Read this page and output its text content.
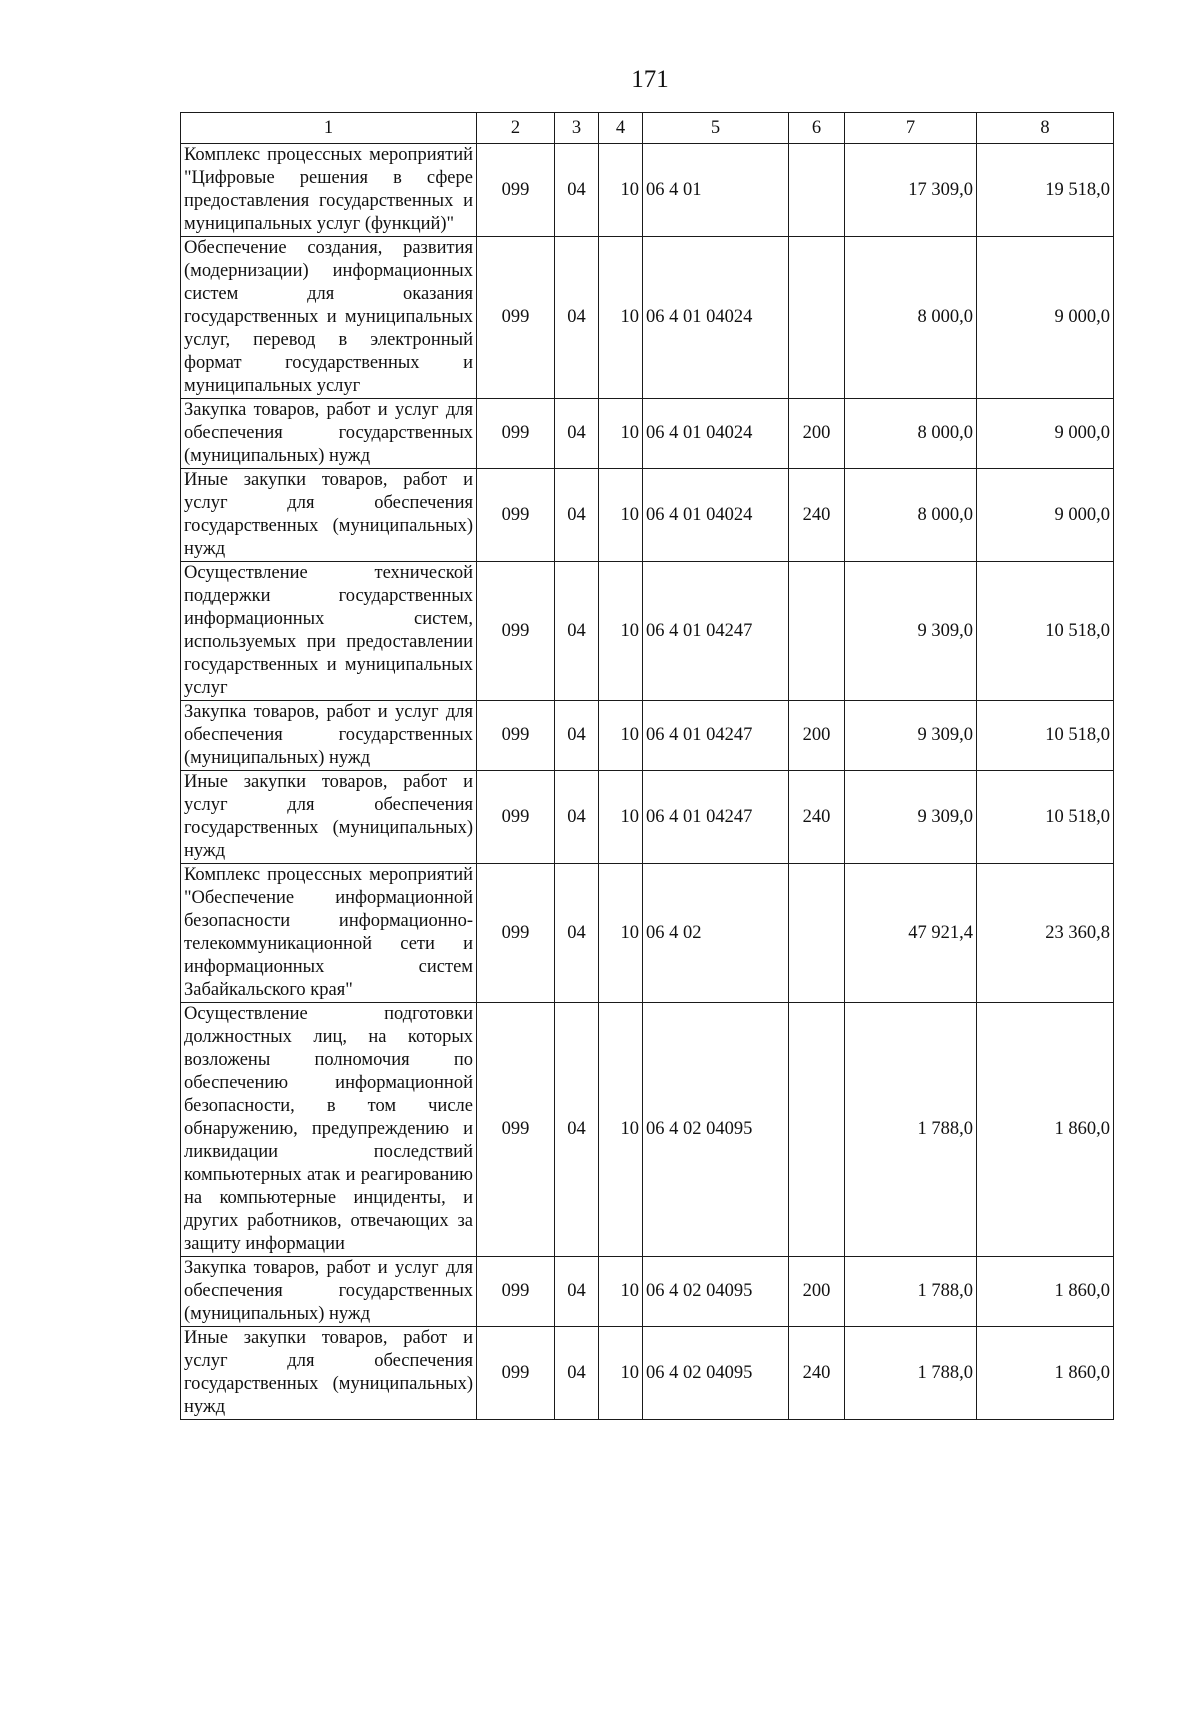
171
1	2	3	4	5	6	7	8
Комплекс процессных мероприятий "Цифровые решения в сфере предоставления государственных и муниципальных услуг (функций)"	099	04	10	06 4 01		17 309,0	19 518,0
Обеспечение создания, развития (модернизации) информационных систем для оказания государственных и муниципальных услуг, перевод в электронный формат государственных и муниципальных услуг	099	04	10	06 4 01 04024		8 000,0	9 000,0
Закупка товаров, работ и услуг для обеспечения государственных (муниципальных) нужд	099	04	10	06 4 01 04024	200	8 000,0	9 000,0
Иные закупки товаров, работ и услуг для обеспечения государственных (муниципальных) нужд	099	04	10	06 4 01 04024	240	8 000,0	9 000,0
Осуществление технической поддержки государственных информационных систем, используемых при предоставлении государственных и муниципальных услуг	099	04	10	06 4 01 04247		9 309,0	10 518,0
Закупка товаров, работ и услуг для обеспечения государственных (муниципальных) нужд	099	04	10	06 4 01 04247	200	9 309,0	10 518,0
Иные закупки товаров, работ и услуг для обеспечения государственных (муниципальных) нужд	099	04	10	06 4 01 04247	240	9 309,0	10 518,0
Комплекс процессных мероприятий "Обеспечение информационной безопасности информационно-телекоммуникационной сети и информационных систем Забайкальского края"	099	04	10	06 4 02		47 921,4	23 360,8
Осуществление подготовки должностных лиц, на которых возложены полномочия по обеспечению информационной безопасности, в том числе обнаружению, предупреждению и ликвидации последствий компьютерных атак и реагированию на компьютерные инциденты, и других работников, отвечающих за защиту информации	099	04	10	06 4 02 04095		1 788,0	1 860,0
Закупка товаров, работ и услуг для обеспечения государственных (муниципальных) нужд	099	04	10	06 4 02 04095	200	1 788,0	1 860,0
Иные закупки товаров, работ и услуг для обеспечения государственных (муниципальных) нужд	099	04	10	06 4 02 04095	240	1 788,0	1 860,0
